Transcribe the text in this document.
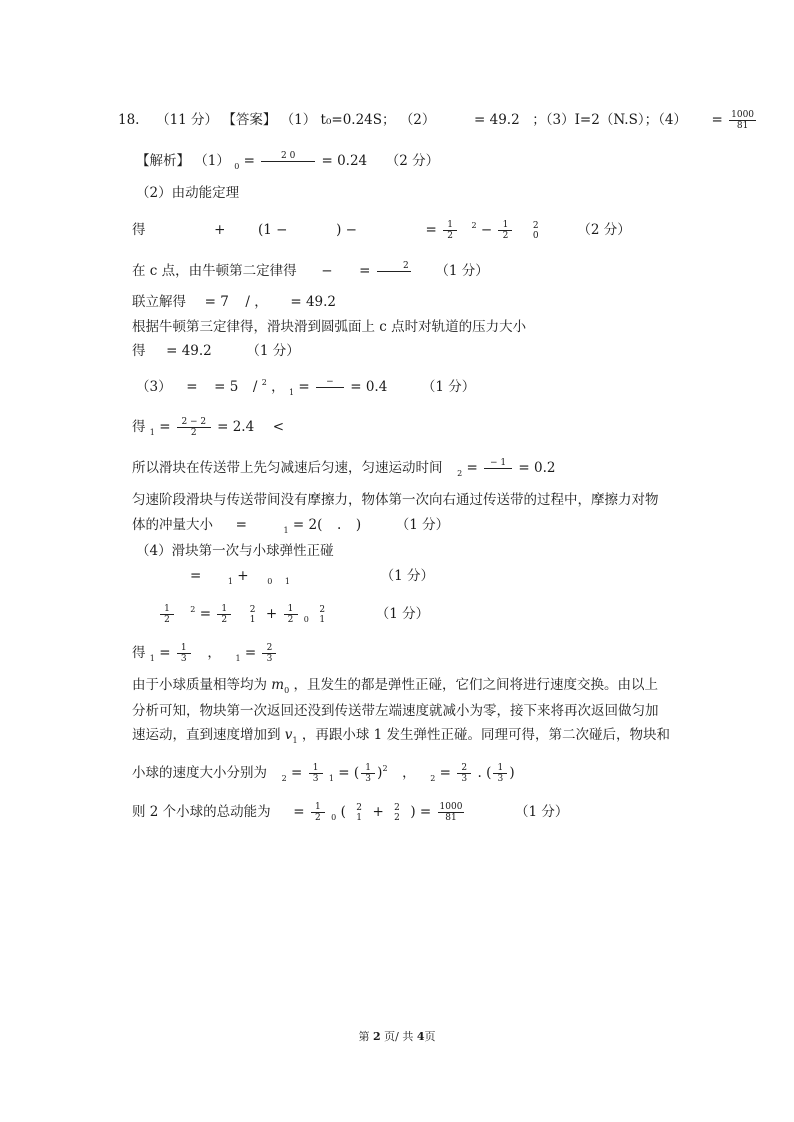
18. （11 分） 【答案】 （1） t₀=0.24S； （2）	= 49.2 ；（3）I=2（N.S）；$(4) = \frac{1000}{81}$
【解析】 （1） $_0$ =	2 0
	= 0.24 （2 分）
（2）由动能定理
得	+ (1 −	) −	= $\frac{1}{2} ^2 - \frac{1}{2}$
	2
0	（2 分）
在 c 点，由牛顿第二定律得 − =	2
（1 分）
联立解得 = 7 / ， = 49.2
根据牛顿第三定律得，滑块滑到圆弧面上 c 点时对轨道的压力大小
得 = 49.2	（1 分）
（3） = = 5 / $^2$ ， $_1$ =	−
	= 0.4	（1 分）
得 $_1 = \frac{2 - 2}{2} = 2.4$ <
所以滑块在传送带上先匀减速后匀速，匀速运动时间 $_2$ =	− 1
= 0.2
匀速阶段滑块与传送带间没有摩擦力，物体第一次向右通过传送带的过程中，摩擦力对物
体的冲量大小 =	$_1$ = 2( . )	（1 分）
（4）滑块第一次与小球弹性正碰
=	$_1$ + $_0$ $_1$	（1 分）
$\frac{1}{2} ^2 = \frac{1}{2}$
	2
$1 + \frac{1}{2} _0$
2
1	（1 分）
得 $_1 = \frac{1}{3}$ ， $_1 = \frac{2}{3}$
由于小球质量相等均为 $m_0$ ，且发生的都是弹性正碰，它们之间将进行速度交换。由以上
分析可知，物块第一次返回还没到传送带左端速度就减小为零，接下来将再次返回做匀加
速运动，直到速度增加到 $v_1$ ，再跟小球 1 发生弹性正碰。同理可得，第二次碰后，物块和
小球的速度大小分别为 $_2 = \frac{1}{3} _1$ = ( $\frac{1}{3} )^2$ ， $_2 = \frac{2}{3}$ . ( $\frac{1}{3}$ )
则 2 个小球的总动能为 = $\frac{1}{2} _0$ (	2
1 +	2
2 ) = $\frac{1000}{81}$	（1 分）
第 2 页/ 共 4页
